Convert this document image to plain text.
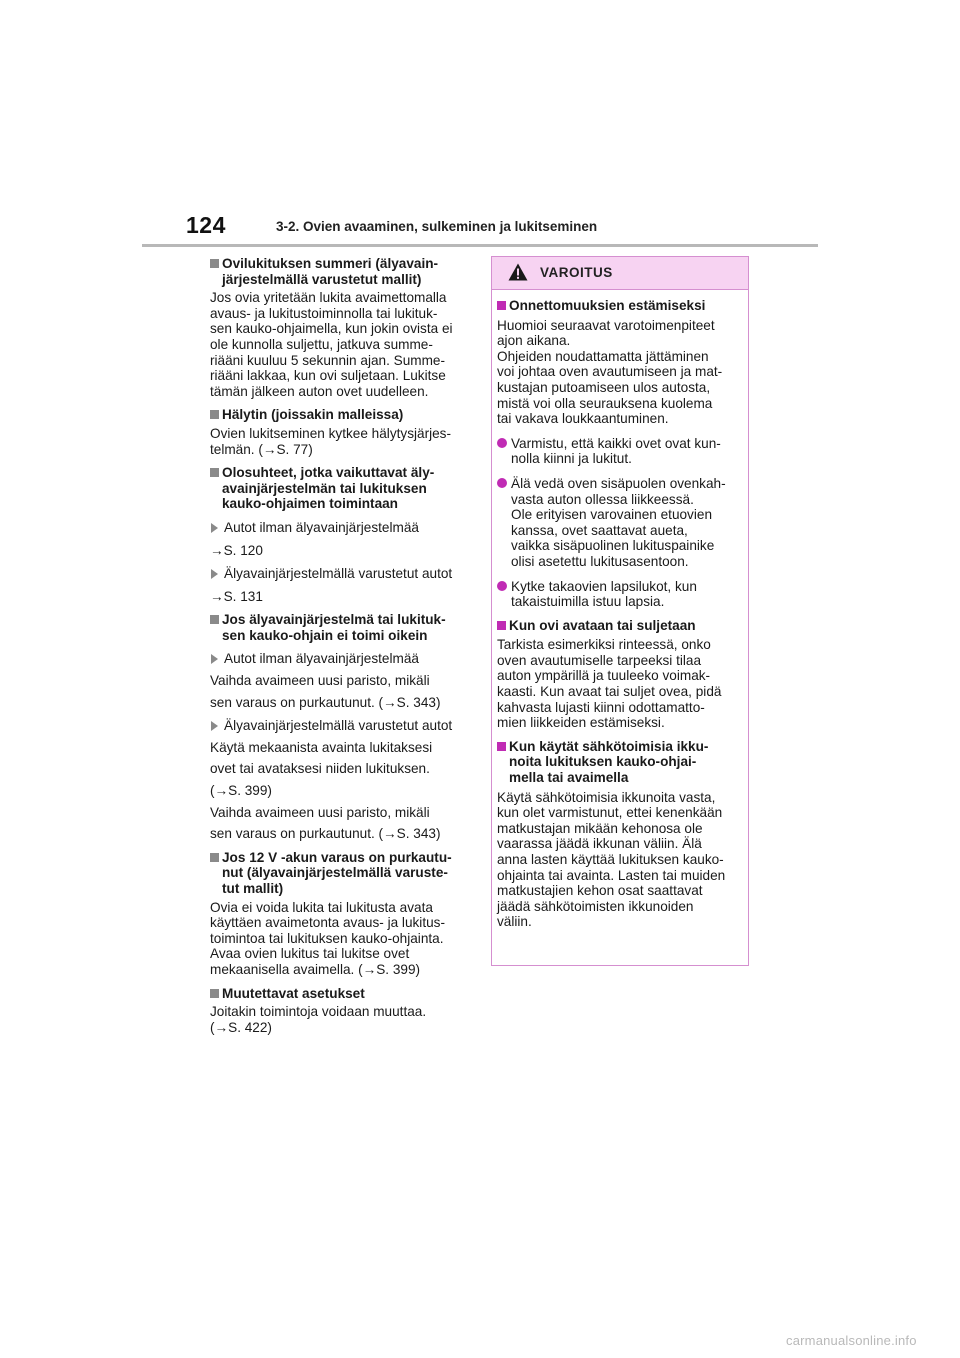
124	3-2. Ovien avaaminen, sulkeminen ja lukitseminen

Ovilukituksen summeri (älyavain-
järjestelmällä varustetut mallit)

Jos ovia yritetään lukita avaimettomalla
avaus- ja lukitustoiminnolla tai lukituk-
sen kauko-ohjaimella, kun jokin ovista ei
ole kunnolla suljettu, jatkuva summe-
riääni kuuluu 5 sekunnin ajan. Summe-
riääni lakkaa, kun ovi suljetaan. Lukitse
tämän jälkeen auton ovet uudelleen.

Hälytin (joissakin malleissa)

Ovien lukitseminen kytkee hälytysjärjes-
telmän. (→S. 77)

Olosuhteet, jotka vaikuttavat äly-
avainjärjestelmän tai lukituksen
kauko-ohjaimen toimintaan

Autot ilman älyavainjärjestelmää

→S. 120

Älyavainjärjestelmällä varustetut autot

→S. 131

Jos älyavainjärjestelmä tai lukituk-
sen kauko-ohjain ei toimi oikein

Autot ilman älyavainjärjestelmää

Vaihda avaimeen uusi paristo, mikäli

sen varaus on purkautunut. (→S. 343)

Älyavainjärjestelmällä varustetut autot

Käytä mekaanista avainta lukitaksesi

ovet tai avataksesi niiden lukituksen.

(→S. 399)

Vaihda avaimeen uusi paristo, mikäli

sen varaus on purkautunut. (→S. 343)

Jos 12 V -akun varaus on purkautu-
nut (älyavainjärjestelmällä varuste-
tut mallit)

Ovia ei voida lukita tai lukitusta avata
käyttäen avaimetonta avaus- ja lukitus-
toimintoa tai lukituksen kauko-ohjainta.
Avaa ovien lukitus tai lukitse ovet
mekaanisella avaimella. (→S. 399)

Muutettavat asetukset

Joitakin toimintoja voidaan muuttaa.
(→S. 422)

VAROITUS

Onnettomuuksien estämiseksi

Huomioi seuraavat varotoimenpiteet
ajon aikana.
Ohjeiden noudattamatta jättäminen
voi johtaa oven avautumiseen ja mat-
kustajan putoamiseen ulos autosta,
mistä voi olla seurauksena kuolema
tai vakava loukkaantuminen.

Varmistu, että kaikki ovet ovat kun-
nolla kiinni ja lukitut.

Älä vedä oven sisäpuolen ovenkah-
vasta auton ollessa liikkeessä.
Ole erityisen varovainen etuovien
kanssa, ovet saattavat aueta,
vaikka sisäpuolinen lukituspainike
olisi asetettu lukitusasentoon.

Kytke takaovien lapsilukot, kun
takaistuimilla istuu lapsia.

Kun ovi avataan tai suljetaan

Tarkista esimerkiksi rinteessä, onko
oven avautumiselle tarpeeksi tilaa
auton ympärillä ja tuuleeko voimak-
kaasti. Kun avaat tai suljet ovea, pidä
kahvasta lujasti kiinni odottamatto-
mien liikkeiden estämiseksi.

Kun käytät sähkötoimisia ikku-
noita lukituksen kauko-ohjai-
mella tai avaimella

Käytä sähkötoimisia ikkunoita vasta,
kun olet varmistunut, ettei kenenkään
matkustajan mikään kehonosa ole
vaarassa jäädä ikkunan väliin. Älä
anna lasten käyttää lukituksen kauko-
ohjainta tai avainta. Lasten tai muiden
matkustajien kehon osat saattavat
jäädä sähkötoimisten ikkunoiden
väliin.

carmanualsonline.info
